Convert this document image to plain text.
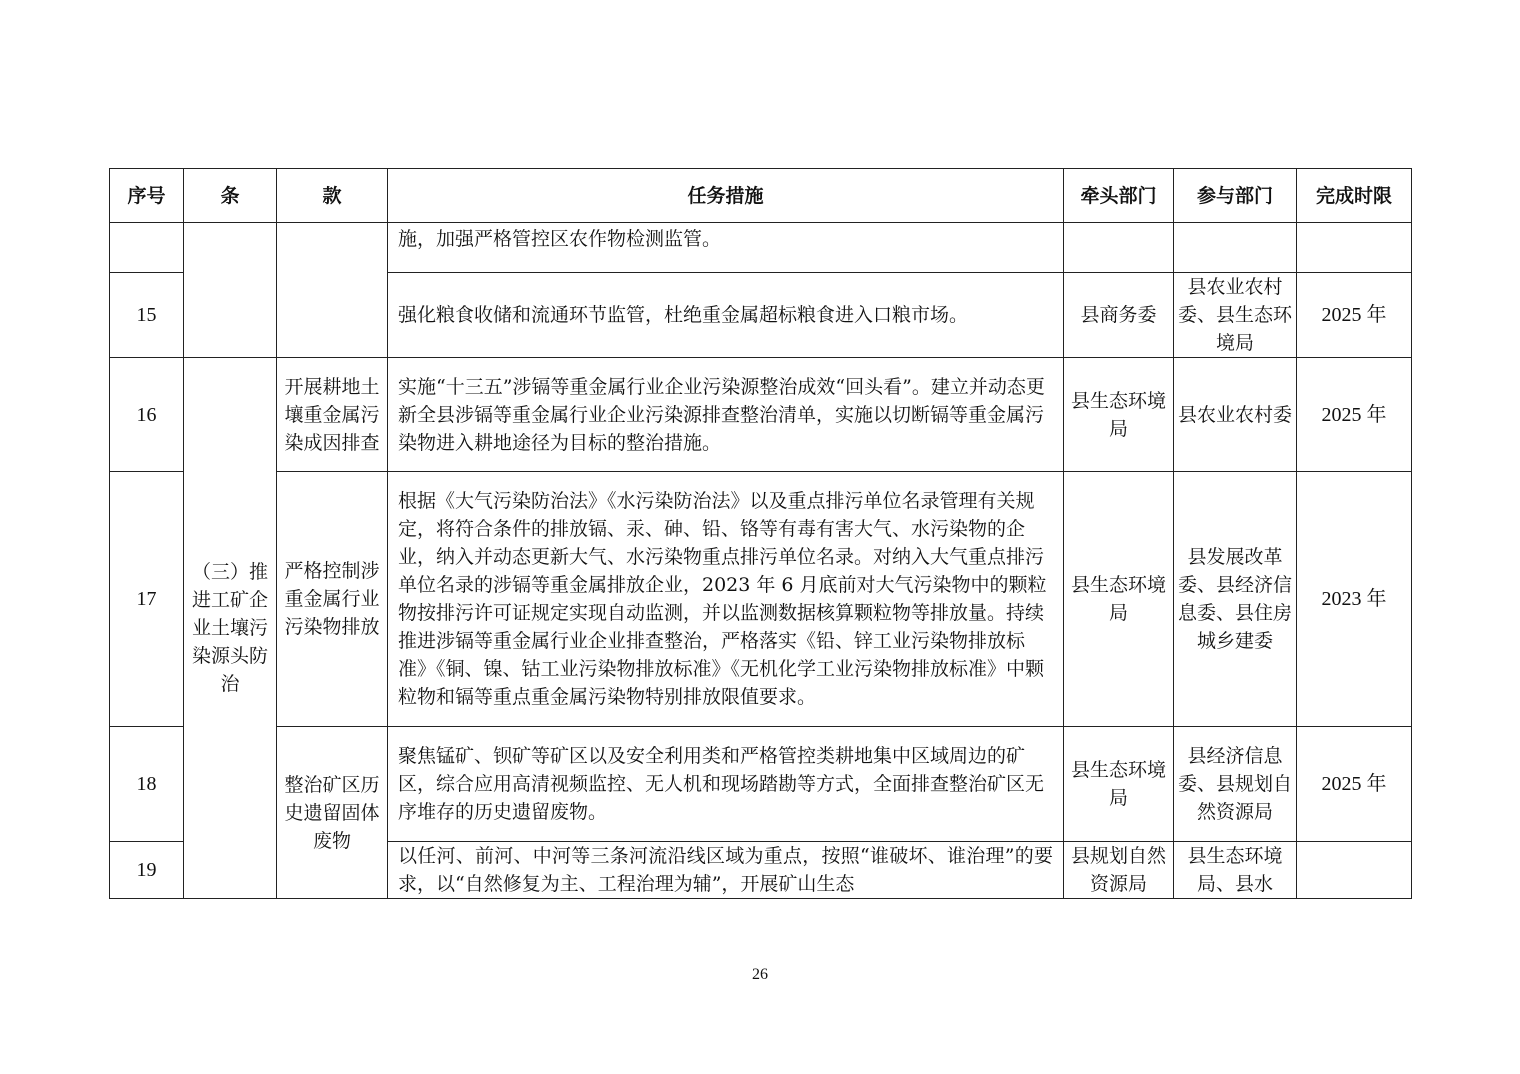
序号	条	款	任务措施	牵头部门	参与部门	完成时限
			施，加强严格管控区农作物检测监管。			
15			强化粮食收储和流通环节监管，杜绝重金属超标粮食进入口粮市场。	县商务委	县农业农村委、县生态环境局	2025 年
16	（三）推进工矿企业土壤污染源头防治	开展耕地土壤重金属污染成因排查	实施“十三五”涉镉等重金属行业企业污染源整治成效“回头看”。建立并动态更新全县涉镉等重金属行业企业污染源排查整治清单，实施以切断镉等重金属污染物进入耕地途径为目标的整治措施。	县生态环境局	县农业农村委	2025 年
17		严格控制涉重金属行业污染物排放	根据《大气污染防治法》《水污染防治法》以及重点排污单位名录管理有关规定，将符合条件的排放镉、汞、砷、铅、铬等有毒有害大气、水污染物的企业，纳入并动态更新大气、水污染物重点排污单位名录。对纳入大气重点排污单位名录的涉镉等重金属排放企业，2023 年 6 月底前对大气污染物中的颗粒物按排污许可证规定实现自动监测，并以监测数据核算颗粒物等排放量。持续推进涉镉等重金属行业企业排查整治，严格落实《铅、锌工业污染物排放标准》《铜、镍、钴工业污染物排放标准》《无机化学工业污染物排放标准》中颗粒物和镉等重点重金属污染物特别排放限值要求。	县生态环境局	县发展改革委、县经济信息委、县住房城乡建委	2023 年
18		整治矿区历史遗留固体废物	聚焦锰矿、钡矿等矿区以及安全利用类和严格管控类耕地集中区域周边的矿区，综合应用高清视频监控、无人机和现场踏勘等方式，全面排查整治矿区无序堆存的历史遗留废物。	县生态环境局	县经济信息委、县规划自然资源局	2025 年
19			以任河、前河、中河等三条河流沿线区域为重点，按照“谁破坏、谁治理”的要求，以“自然修复为主、工程治理为辅”，开展矿山生态	县规划自然资源局	县生态环境局、县水	
26
